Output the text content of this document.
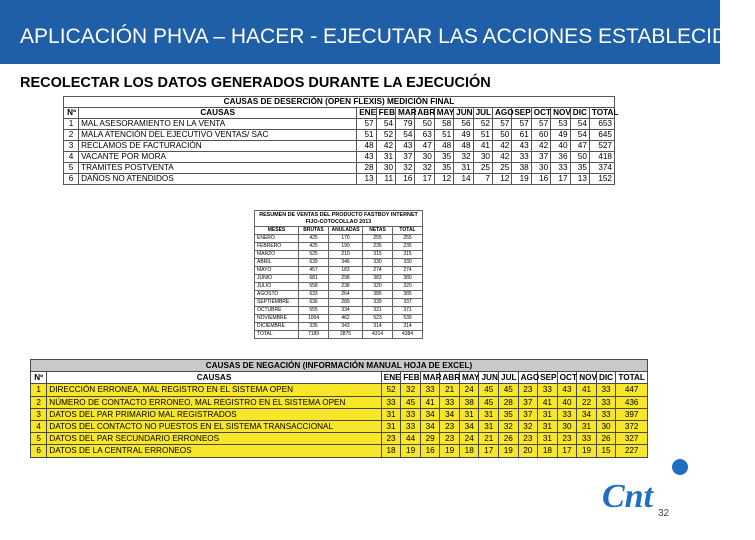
APLICACIÓN PHVA – HACER - EJECUTAR LAS ACCIONES ESTABLECIDAS
RECOLECTAR LOS DATOS GENERADOS DURANTE LA EJECUCIÓN
CAUSAS DE DESERCIÓN (OPEN FLEXIS) MEDICIÓN FINAL														
Nº	CAUSAS	ENE	FEB	MAR	ABR	MAY	JUN	JUL	AGO	SEP	OCT	NOV	DIC	TOTAL
1	MAL ASESORAMIENTO EN LA VENTA	57	54	79	50	58	56	52	57	57	57	53	54	653
2	MALA ATENCIÓN DEL EJECUTIVO VENTAS/ SAC	51	52	54	63	51	49	51	50	61	60	49	54	645
3	RECLAMOS DE FACTURACIÓN	48	42	43	47	48	48	41	42	43	42	40	47	527
4	VACANTE POR MORA	43	31	37	30	35	32	30	42	33	37	36	50	418
5	TRAMITES POSTVENTA	28	30	32	32	35	31	25	25	38	30	33	35	374
6	DAÑOS NO ATENDIDOS	13	11	16	17	12	14	7	12	19	16	17	13	152
RESUMEN DE VENTAS DEL PRODUCTO FASTBOY INTERNET FIJO-COTOCOLLAO 2013				
MESES	BRUTAS	ANULADAS	NETAS	TOTAL
ENERO	425	170	255	255
FEBRERO	425	190	235	235
MARZO	525	210	315	315
ABRIL	639	346	330	330
MAYO	457	183	274	274
JUNIO	681	298	383	380
JULIO	558	238	320	320
AGOSTO	633	264	385	385
SEPTIEMBRE	636	289	339	337
OCTUBRE	555	334	321	371
NOVIEMBRE	1004	462	523	539
DICIEMBRE	335	343	314	314
TOTAL	7189	2875	4314	4384
CAUSAS DE NEGACIÓN (INFORMACIÓN MANUAL HOJA DE EXCEL)														
Nº	CAUSAS	ENE	FEB	MAR	ABR	MAY	JUN	JUL	AGO	SEP	OCT	NOV	DIC	TOTAL
1	DIRECCIÓN ERRONEA, MAL REGISTRO EN EL SISTEMA OPEN	52	32	33	21	24	45	45	23	33	43	41	33	447
2	NÚMERO DE CONTACTO ERRONEO, MAL REGISTRO EN EL SISTEMA OPEN	33	45	41	33	38	45	28	37	41	40	22	33	436
3	DATOS DEL PAR PRIMARIO MAL REGISTRADOS	31	33	34	34	31	31	35	37	31	33	34	33	397
4	DATOS DEL CONTACTO NO PUESTOS EN EL SISTEMA TRANSACCIONAL	31	33	34	23	34	31	32	32	31	30	31	30	372
5	DATOS DEL PAR SECUNDARIO ERRONEOS	23	44	29	23	24	21	26	23	31	23	33	26	327
6	DATOS DE LA CENTRAL ERRONEOS	18	19	16	19	18	17	19	20	18	17	19	15	227
Cnt 32
